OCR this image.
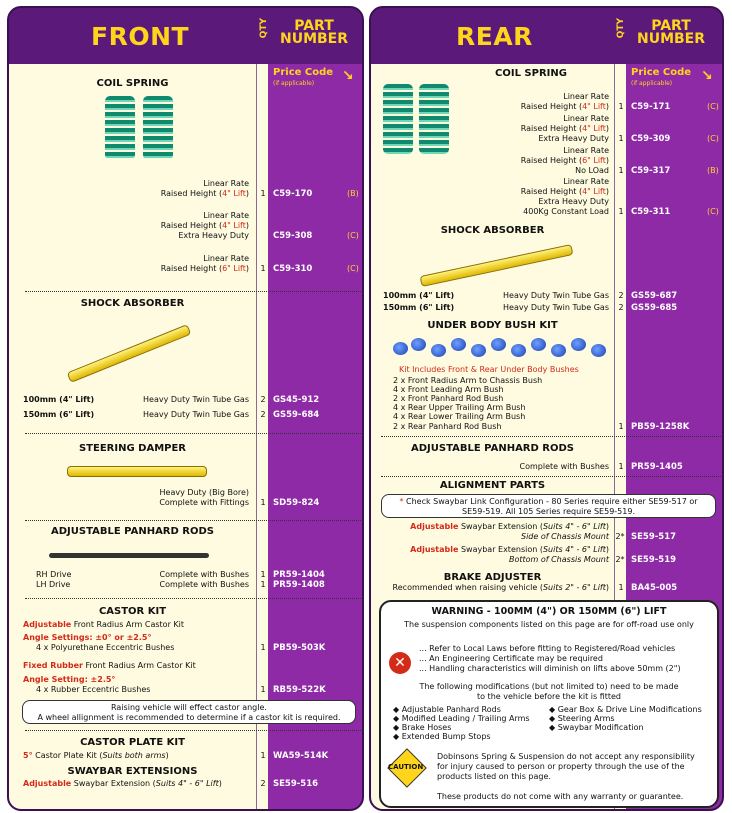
FRONT	QTY	PART NUMBER
Price Code
(if applicable) ↘
COIL SPRING
Linear Rate
Raised Height (4" Lift)	1 C59-170	(B)
Linear Rate
Raised Height (4" Lift)
Extra Heavy Duty	C59-308	(C)
Linear Rate
Raised Height (6" Lift)	1 C59-310	(C)
SHOCK ABSORBER
100mm (4" Lift)	Heavy Duty Twin Tube Gas	2 GS45-912
150mm (6" Lift)	Heavy Duty Twin Tube Gas	2 GS59-684
STEERING DAMPER
Heavy Duty (Big Bore)
Complete with Fittings	1 SD59-824
ADJUSTABLE PANHARD RODS
RH Drive	Complete with Bushes	1 PR59-1404
LH Drive	Complete with Bushes	1 PR59-1408
CASTOR KIT
Adjustable Front Radius Arm Castor Kit
Angle Settings: ±0° or ±2.5°
4 x Polyurethane Eccentric Bushes	1 PB59-503K
Fixed Rubber Front Radius Arm Castor Kit
Angle Setting: ±2.5°
4 x Rubber Eccentric Bushes	1 RB59-522K
Raising vehicle will effect castor angle.
A wheel allignment is recommended to determine if a castor kit is required.
CASTOR PLATE KIT
5° Castor Plate Kit (Suits both arms)	1 WA59-514K
SWAYBAR EXTENSIONS
Adjustable Swaybar Extension (Suits 4" - 6" Lift)	2 SE59-516
REAR	QTY	PART NUMBER
Price Code
(if applicable) ↘
COIL SPRING
Linear Rate
Raised Height (4" Lift)	1 C59-171	(C)
Linear Rate
Raised Height (4" Lift)
Extra Heavy Duty	1 C59-309	(C)
Linear Rate
Raised Height (6" Lift)
No LOad	1 C59-317	(B)
Linear Rate
Raised Height (4" Lift)
Extra Heavy Duty
400Kg Constant Load	1 C59-311	(C)
SHOCK ABSORBER
100mm (4" Lift)	Heavy Duty Twin Tube Gas	2 GS59-687
150mm (6" Lift)	Heavy Duty Twin Tube Gas	2 GS59-685
UNDER BODY BUSH KIT
Kit Includes Front & Rear Under Body Bushes
2 x Front Radius Arm to Chassis Bush
4 x Front Leading Arm Bush
2 x Front Panhard Rod Bush
4 x Rear Upper Trailing Arm Bush
4 x Rear Lower Trailing Arm Bush
2 x Rear Panhard Rod Bush	1 PB59-1258K
ADJUSTABLE PANHARD RODS
Complete with Bushes	1 PR59-1405
ALIGNMENT PARTS
* Check Swaybar Link Configuration - 80 Series require either SE59-517 or
SE59-519. All 105 Series require SE59-519.
Adjustable Swaybar Extension (Suits 4" - 6" Lift)
Side of Chassis Mount 2* SE59-517
Adjustable Swaybar Extension (Suits 4" - 6" Lift)
Bottom of Chassis Mount 2* SE59-519
BRAKE ADJUSTER
Recommended when raising vehicle (Suits 2" - 6" Lift)	1 BA45-005
WARNING - 100MM (4") OR 150MM (6") LIFT
The suspension components listed on this page are for off-road use only
✕
... Refer to Local Laws before fitting to Registered/Road vehicles
... An Engineering Certificate may be required
... Handling characteristics will diminish on lifts above 50mm (2")
The following modifications (but not limited to) need to be made
to the vehicle before the kit is fitted
◆ Adjustable Panhard Rods
◆ Modified Leading / Trailing Arms
◆ Brake Hoses
◆ Extended Bump Stops
◆ Gear Box & Drive Line Modifications
◆ Steering Arms
◆ Swaybar Modification
CAUTION
Dobinsons Spring & Suspension do not accept any responsibility
for injury caused to person or property through the use of the
products listed on this page.
These products do not come with any warranty or guarantee.
